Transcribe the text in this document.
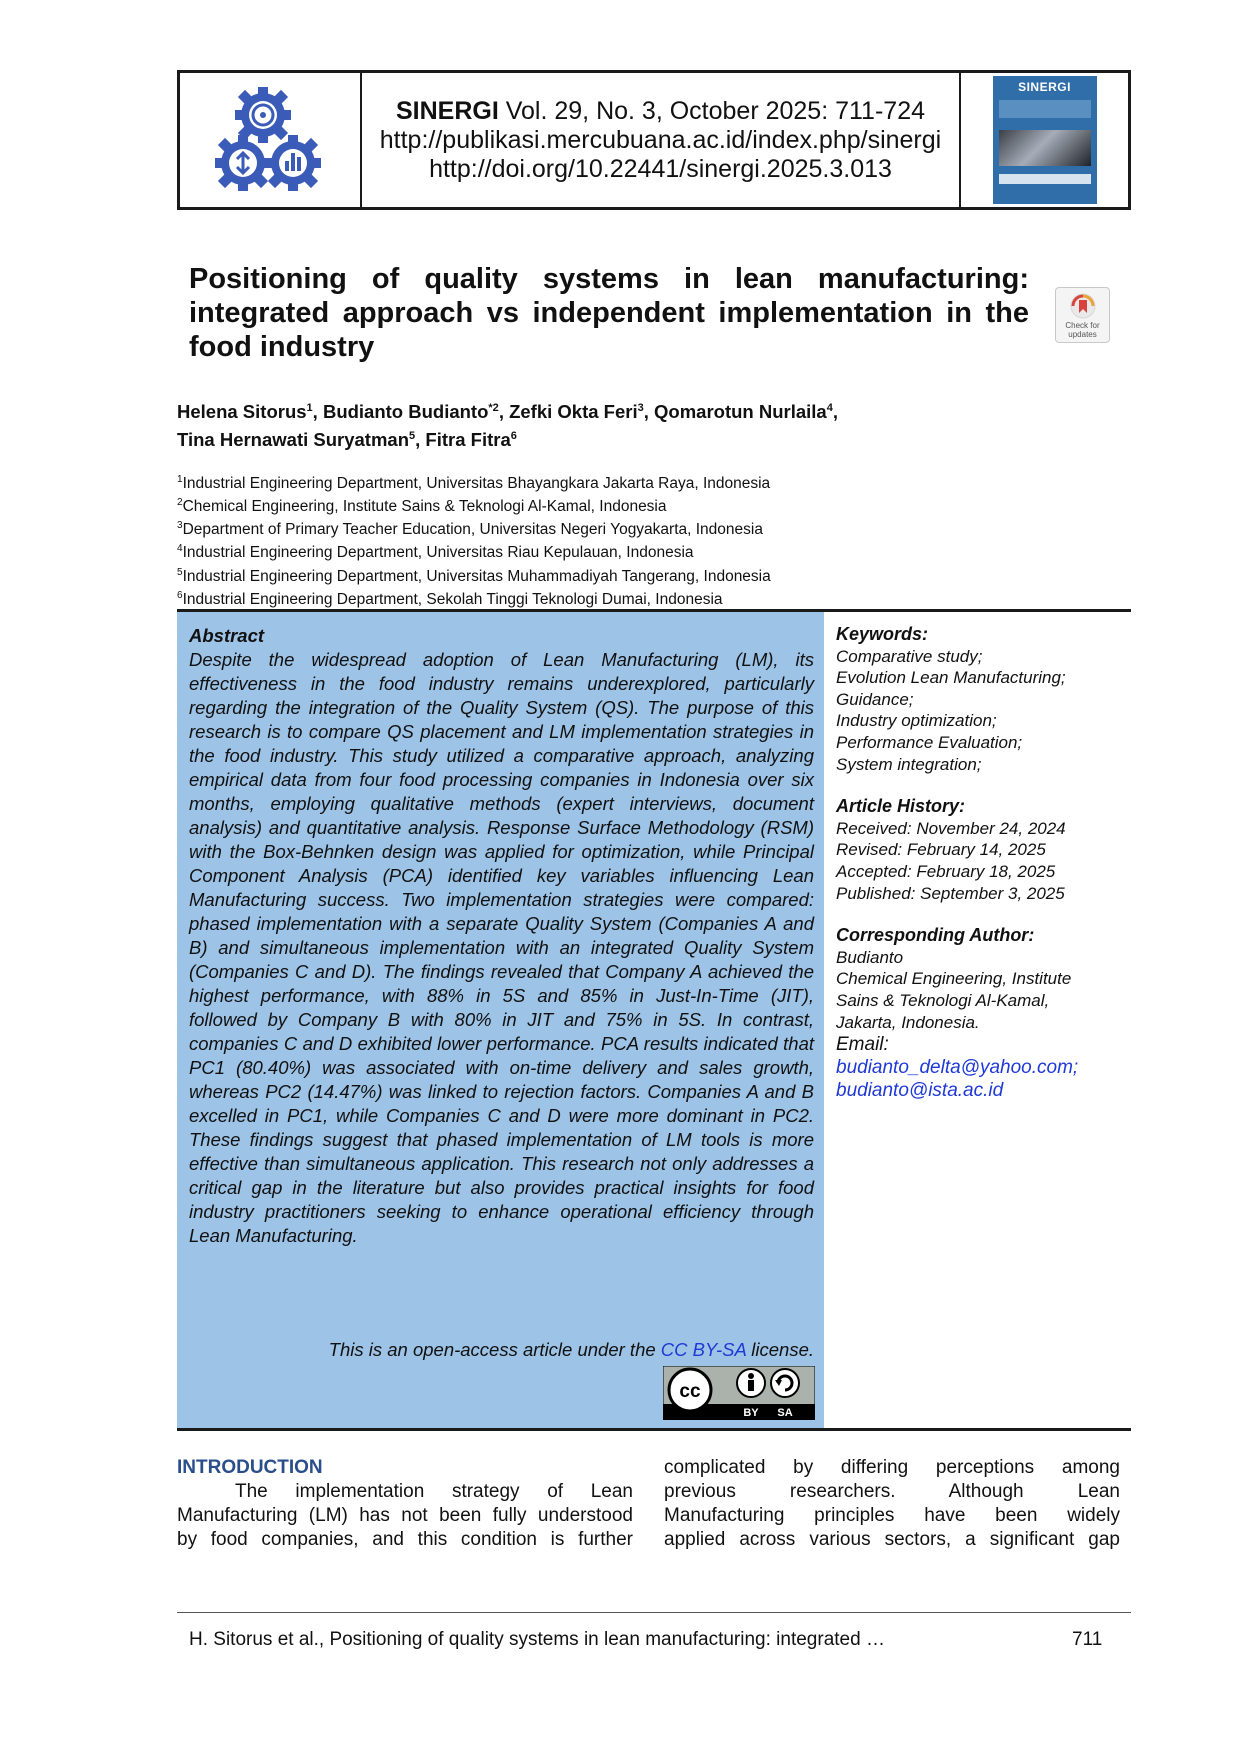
SINERGI Vol. 29, No. 3, October 2025: 711-724
http://publikasi.mercubuana.ac.id/index.php/sinergi
http://doi.org/10.22441/sinergi.2025.3.013
SINERGI
Positioning of quality systems in lean manufacturing: integrated approach vs independent implementation in the food industry
Check for updates
Helena Sitorus$^1$, Budianto Budianto$^{*2}$, Zefki Okta Feri$^3$, Qomarotun Nurlaila$^4$,
Tina Hernawati Suryatman$^5$, Fitra Fitra$^6$
$^1$Industrial Engineering Department, Universitas Bhayangkara Jakarta Raya, Indonesia
$^2$Chemical Engineering, Institute Sains & Teknologi Al-Kamal, Indonesia
$^3$Department of Primary Teacher Education, Universitas Negeri Yogyakarta, Indonesia
$^4$Industrial Engineering Department, Universitas Riau Kepulauan, Indonesia
$^5$Industrial Engineering Department, Universitas Muhammadiyah Tangerang, Indonesia
$^6$Industrial Engineering Department, Sekolah Tinggi Teknologi Dumai, Indonesia
Abstract
Despite the widespread adoption of Lean Manufacturing (LM), its effectiveness in the food industry remains underexplored, particularly regarding the integration of the Quality System (QS). The purpose of this research is to compare QS placement and LM implementation strategies in the food industry. This study utilized a comparative approach, analyzing empirical data from four food processing companies in Indonesia over six months, employing qualitative methods (expert interviews, document analysis) and quantitative analysis. Response Surface Methodology (RSM) with the Box-Behnken design was applied for optimization, while Principal Component Analysis (PCA) identified key variables influencing Lean Manufacturing success. Two implementation strategies were compared: phased implementation with a separate Quality System (Companies A and B) and simultaneous implementation with an integrated Quality System (Companies C and D). The findings revealed that Company A achieved the highest performance, with 88% in 5S and 85% in Just-In-Time (JIT), followed by Company B with 80% in JIT and 75% in 5S. In contrast, companies C and D exhibited lower performance. PCA results indicated that PC1 (80.40%) was associated with on-time delivery and sales growth, whereas PC2 (14.47%) was linked to rejection factors. Companies A and B excelled in PC1, while Companies C and D were more dominant in PC2. These findings suggest that phased implementation of LM tools is more effective than simultaneous application. This research not only addresses a critical gap in the literature but also provides practical insights for food industry practitioners seeking to enhance operational efficiency through Lean Manufacturing.
This is an open-access article under the CC BY-SA license.
cc
BY SA
Keywords:
Comparative study;
Evolution Lean Manufacturing;
Guidance;
Industry optimization;
Performance Evaluation;
System integration;
Article History:
Received: November 24, 2024
Revised: February 14, 2025
Accepted: February 18, 2025
Published: September 3, 2025
Corresponding Author:
Budianto
Chemical Engineering, Institute
Sains & Teknologi Al-Kamal,
Jakarta, Indonesia.
Email:
budianto_delta@yahoo.com;
budianto@ista.ac.id
INTRODUCTION
The implementation strategy of Lean
Manufacturing (LM) has not been fully understood
by food companies, and this condition is further
complicated by differing perceptions among
previous researchers. Although Lean
Manufacturing principles have been widely
applied across various sectors, a significant gap
H. Sitorus et al., Positioning of quality systems in lean manufacturing: integrated …	711
